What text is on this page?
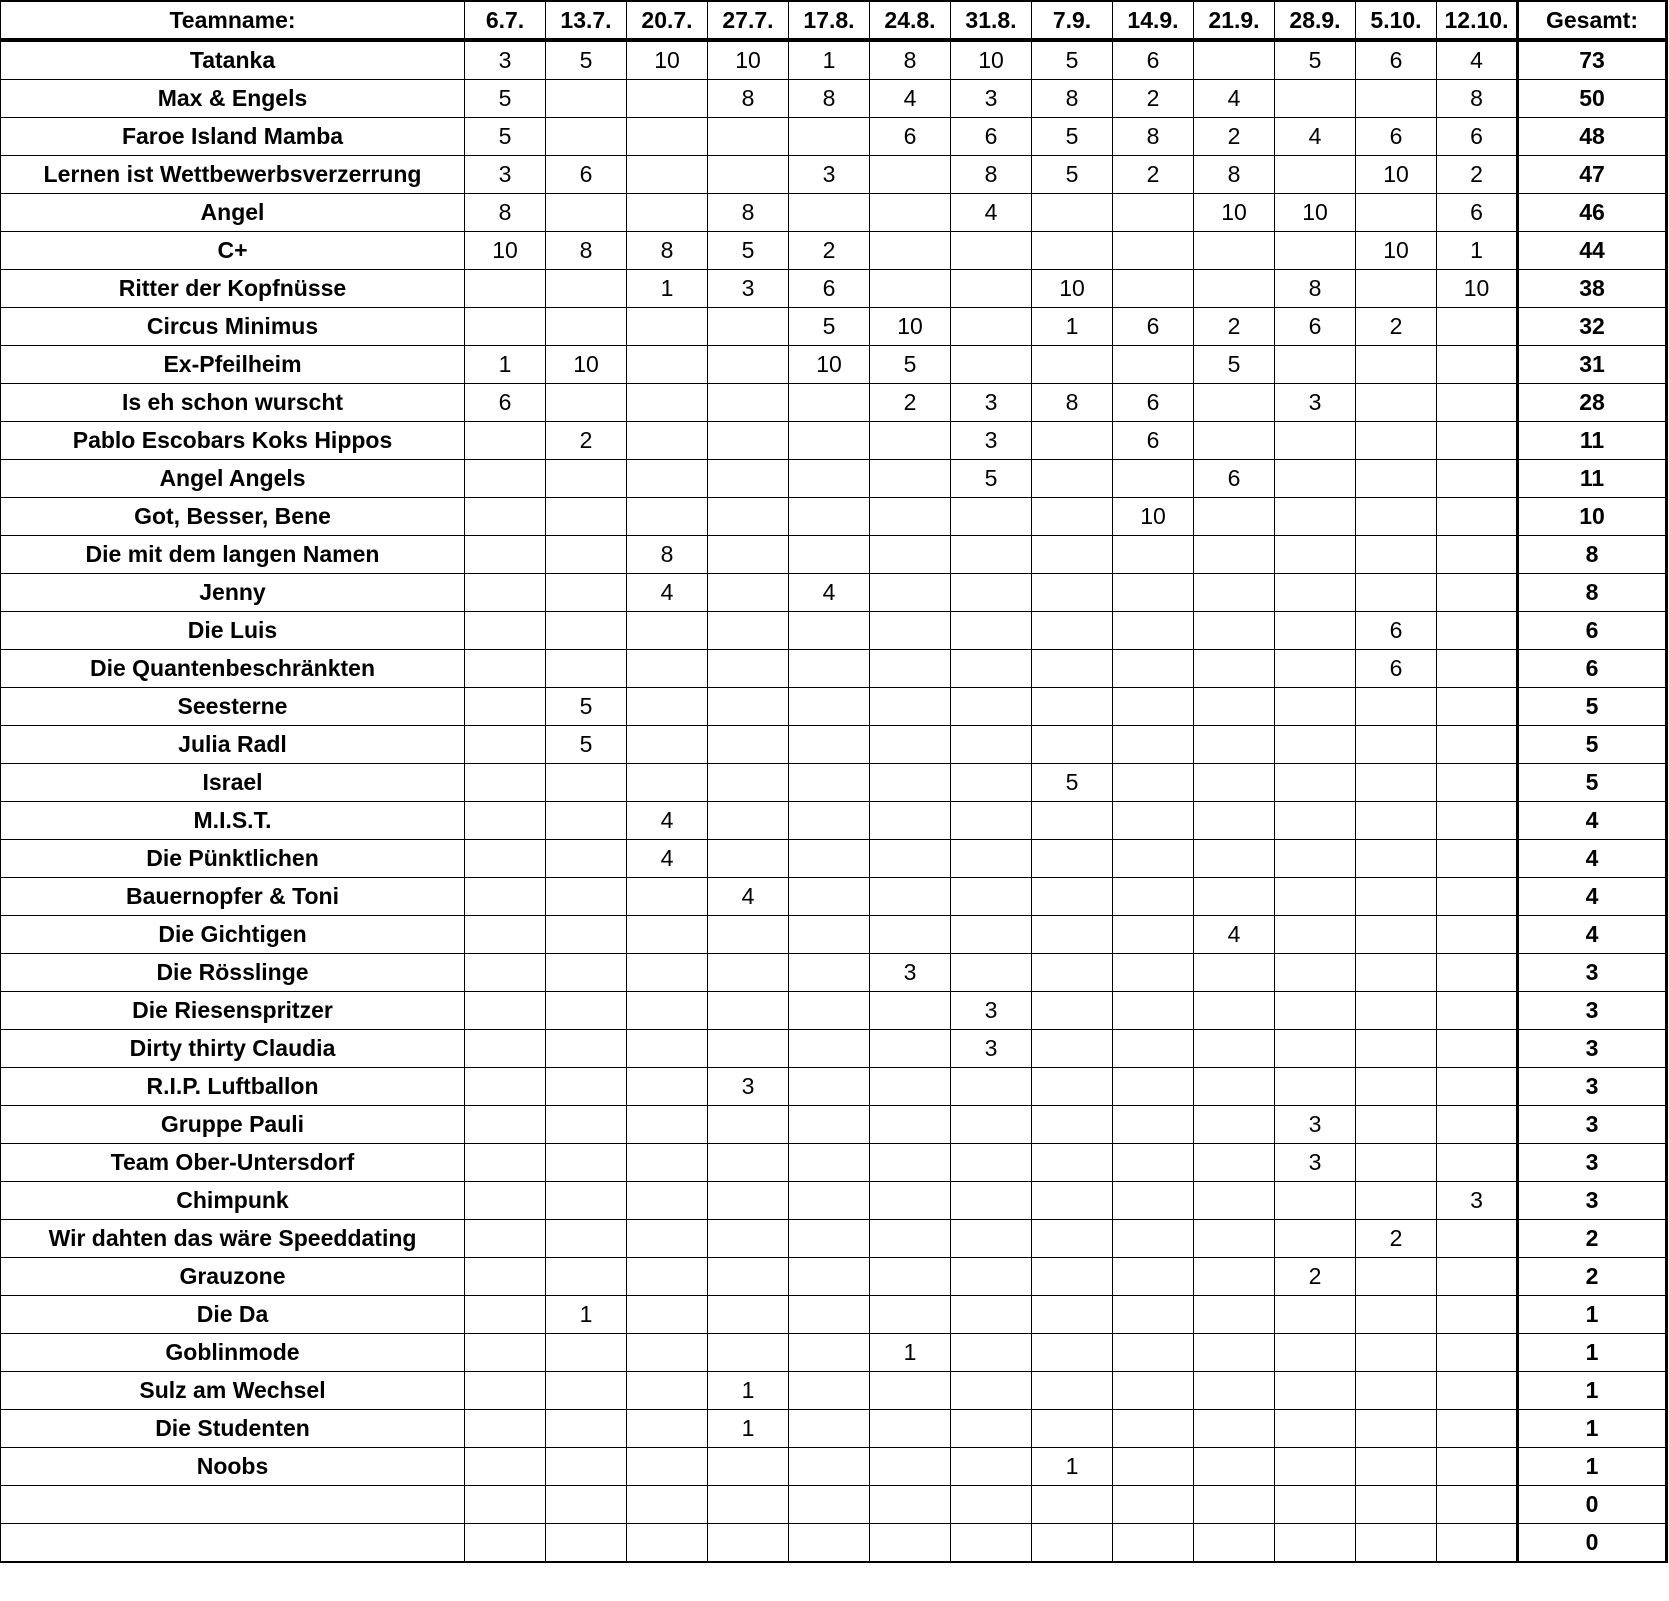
Teamname:	6.7.	13.7.	20.7.	27.7.	17.8.	24.8.	31.8.	7.9.	14.9.	21.9.	28.9.	5.10.	12.10.	Gesamt:
Tatanka	3	5	10	10	1	8	10	5	6		5	6	4	73
Max & Engels	5			8	8	4	3	8	2	4			8	50
Faroe Island Mamba	5					6	6	5	8	2	4	6	6	48
Lernen ist Wettbewerbsverzerrung	3	6			3		8	5	2	8		10	2	47
Angel	8			8			4			10	10		6	46
C+	10	8	8	5	2							10	1	44
Ritter der Kopfnüsse			1	3	6			10			8		10	38
Circus Minimus					5	10		1	6	2	6	2		32
Ex-Pfeilheim	1	10			10	5				5				31
Is eh schon wurscht	6					2	3	8	6		3			28
Pablo Escobars Koks Hippos		2					3		6					11
Angel Angels							5			6				11
Got, Besser, Bene									10					10
Die mit dem langen Namen			8											8
Jenny			4		4									8
Die Luis												6		6
Die Quantenbeschränkten												6		6
Seesterne		5												5
Julia Radl		5												5
Israel								5						5
M.I.S.T.			4											4
Die Pünktlichen			4											4
Bauernopfer & Toni				4										4
Die Gichtigen										4				4
Die Rösslinge						3								3
Die Riesenspritzer							3							3
Dirty thirty Claudia							3							3
R.I.P. Luftballon				3										3
Gruppe Pauli											3			3
Team Ober-Untersdorf											3			3
Chimpunk													3	3
Wir dahten das wäre Speeddating												2		2
Grauzone											2			2
Die Da		1												1
Goblinmode						1								1
Sulz am Wechsel				1										1
Die Studenten				1										1
Noobs								1						1
														0
														0
